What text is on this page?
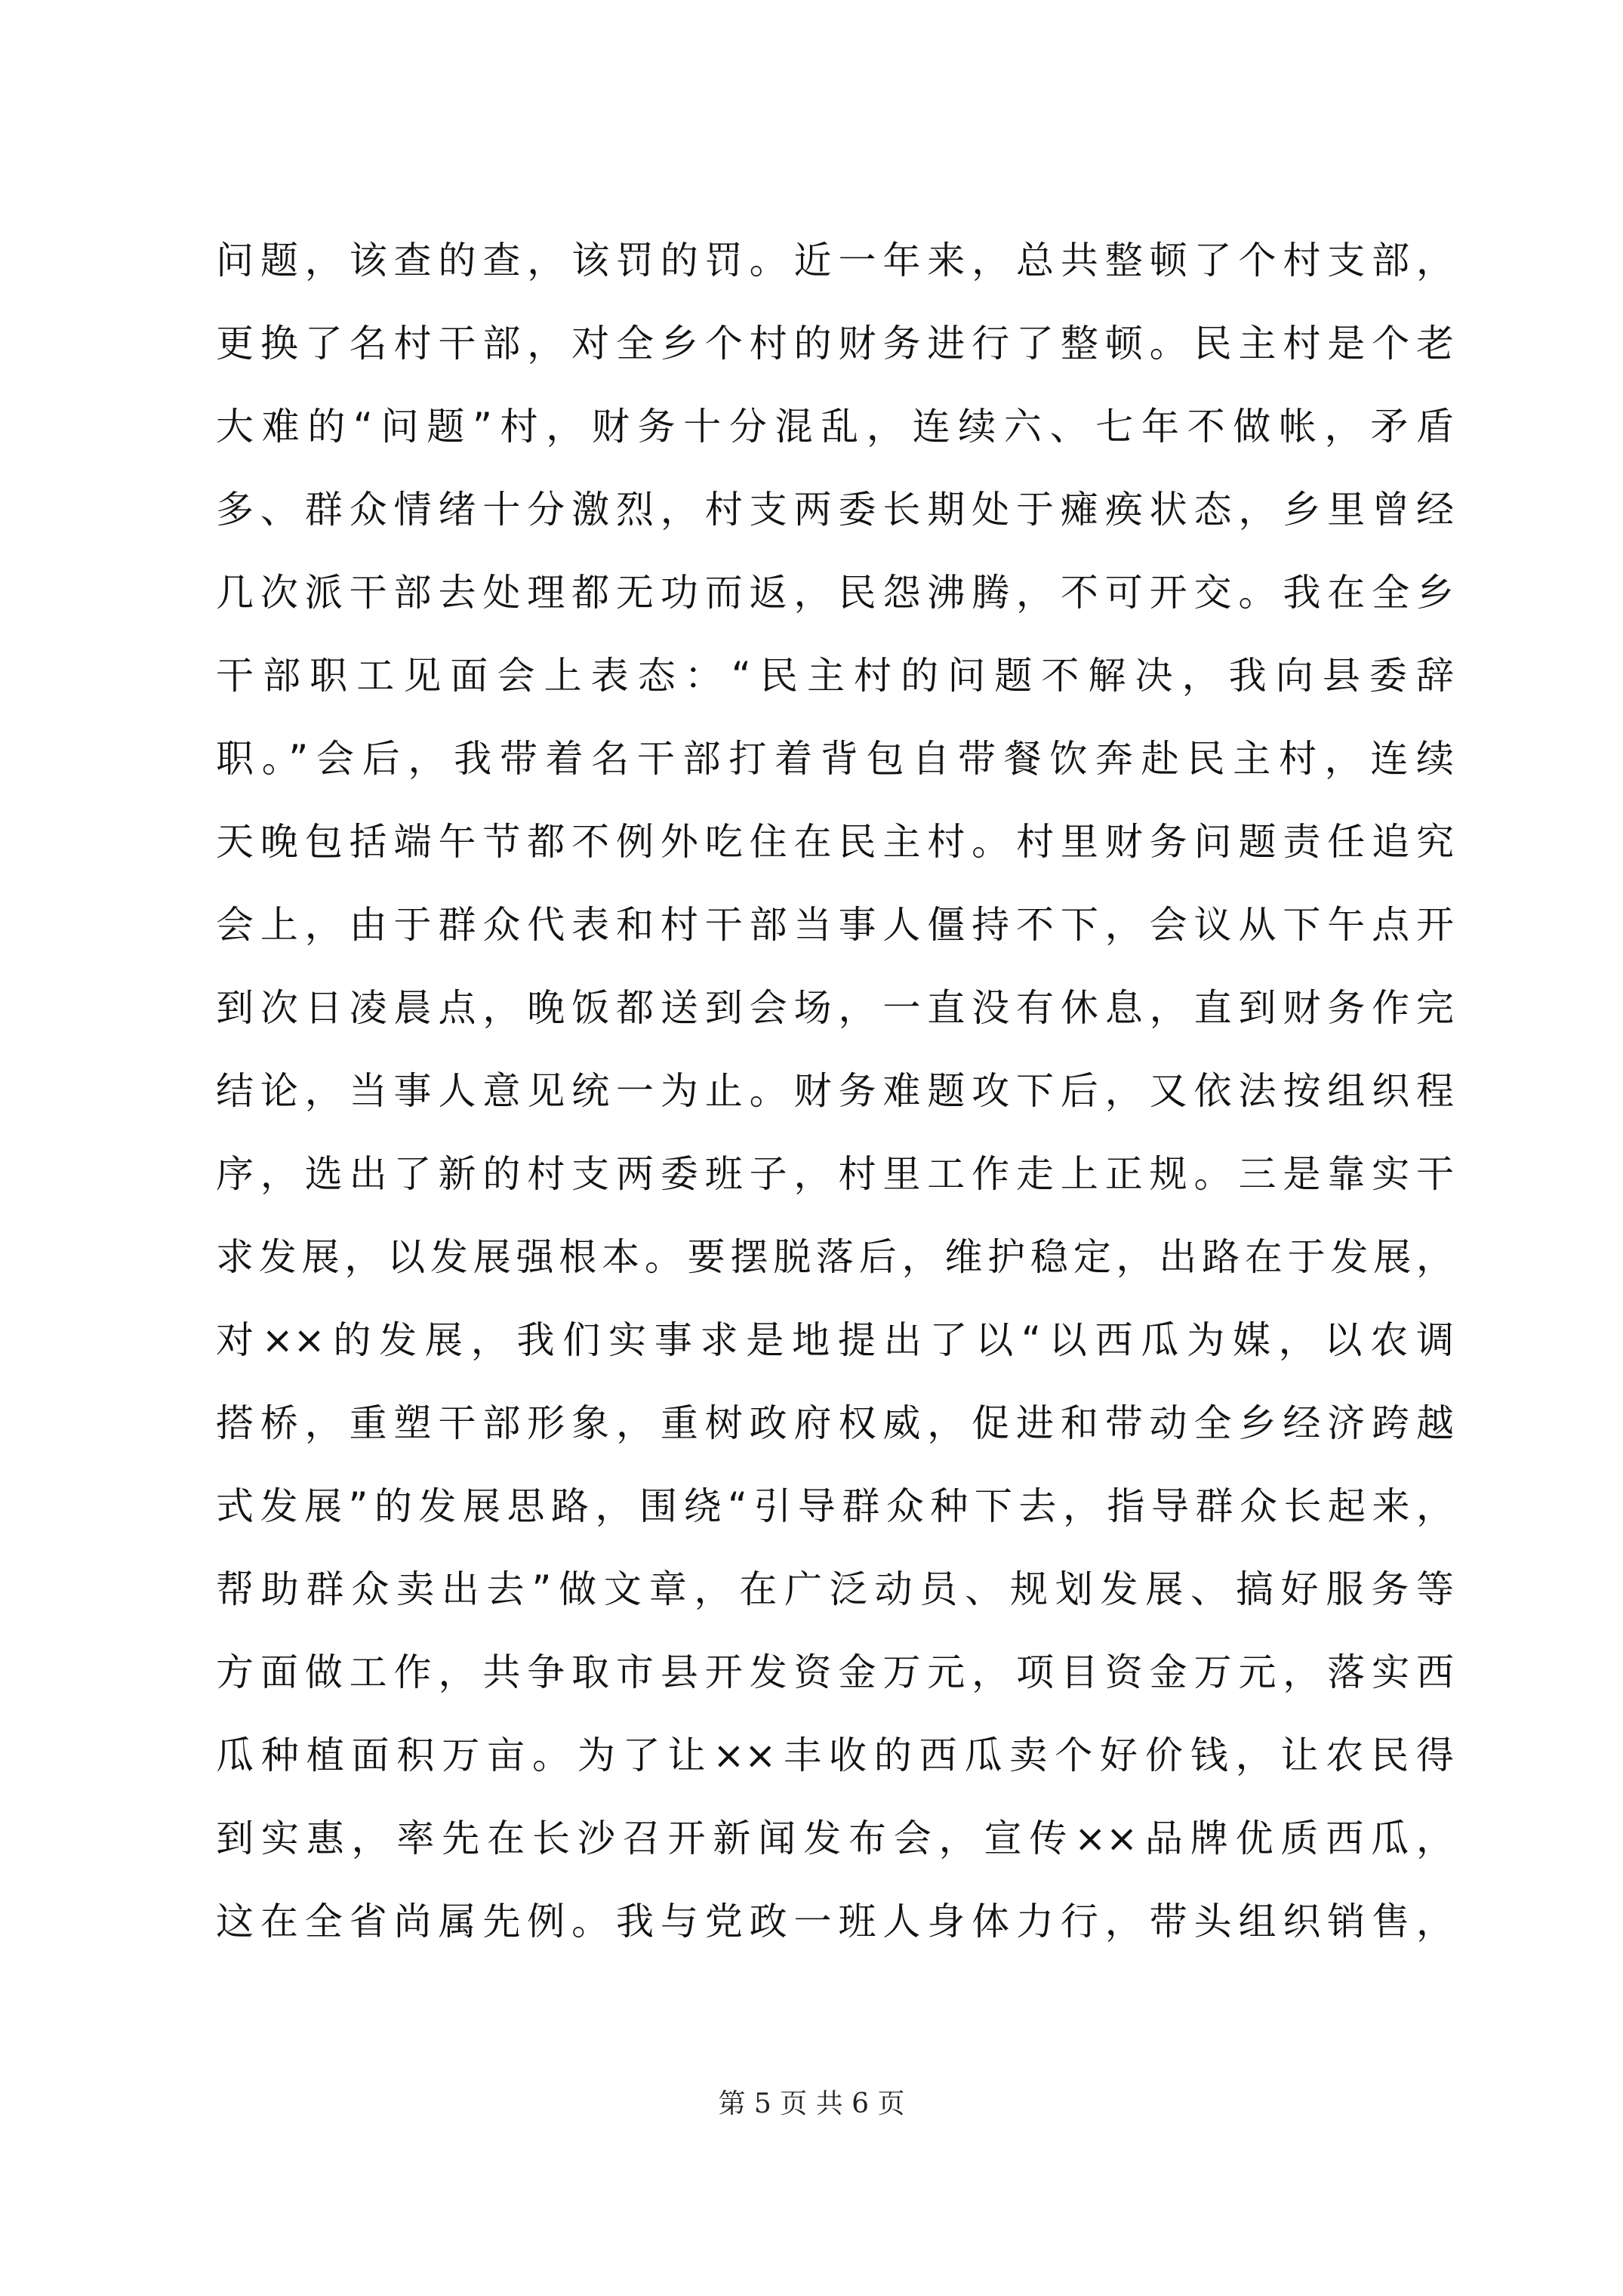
问题，该查的查，该罚的罚。近一年来，总共整顿了个村支部，
更换了名村干部，对全乡个村的财务进行了整顿。民主村是个老
大难的“问题”村，财务十分混乱，连续六、七年不做帐，矛盾
多、群众情绪十分激烈，村支两委长期处于瘫痪状态，乡里曾经
几次派干部去处理都无功而返，民怨沸腾，不可开交。我在全乡
干部职工见面会上表态：“民主村的问题不解决，我向县委辞
职。”会后，我带着名干部打着背包自带餐饮奔赴民主村，连续
天晚包括端午节都不例外吃住在民主村。村里财务问题责任追究
会上，由于群众代表和村干部当事人僵持不下，会议从下午点开
到次日凌晨点，晚饭都送到会场，一直没有休息，直到财务作完
结论，当事人意见统一为止。财务难题攻下后，又依法按组织程
序，选出了新的村支两委班子，村里工作走上正规。三是靠实干
求发展，以发展强根本。要摆脱落后，维护稳定，出路在于发展，
对××的发展，我们实事求是地提出了以“以西瓜为媒，以农调
搭桥，重塑干部形象，重树政府权威，促进和带动全乡经济跨越
式发展”的发展思路，围绕“引导群众种下去，指导群众长起来，
帮助群众卖出去”做文章，在广泛动员、规划发展、搞好服务等
方面做工作，共争取市县开发资金万元，项目资金万元，落实西
瓜种植面积万亩。为了让××丰收的西瓜卖个好价钱，让农民得
到实惠，率先在长沙召开新闻发布会，宣传××品牌优质西瓜，
这在全省尚属先例。我与党政一班人身体力行，带头组织销售，
第 5 页 共 6 页
